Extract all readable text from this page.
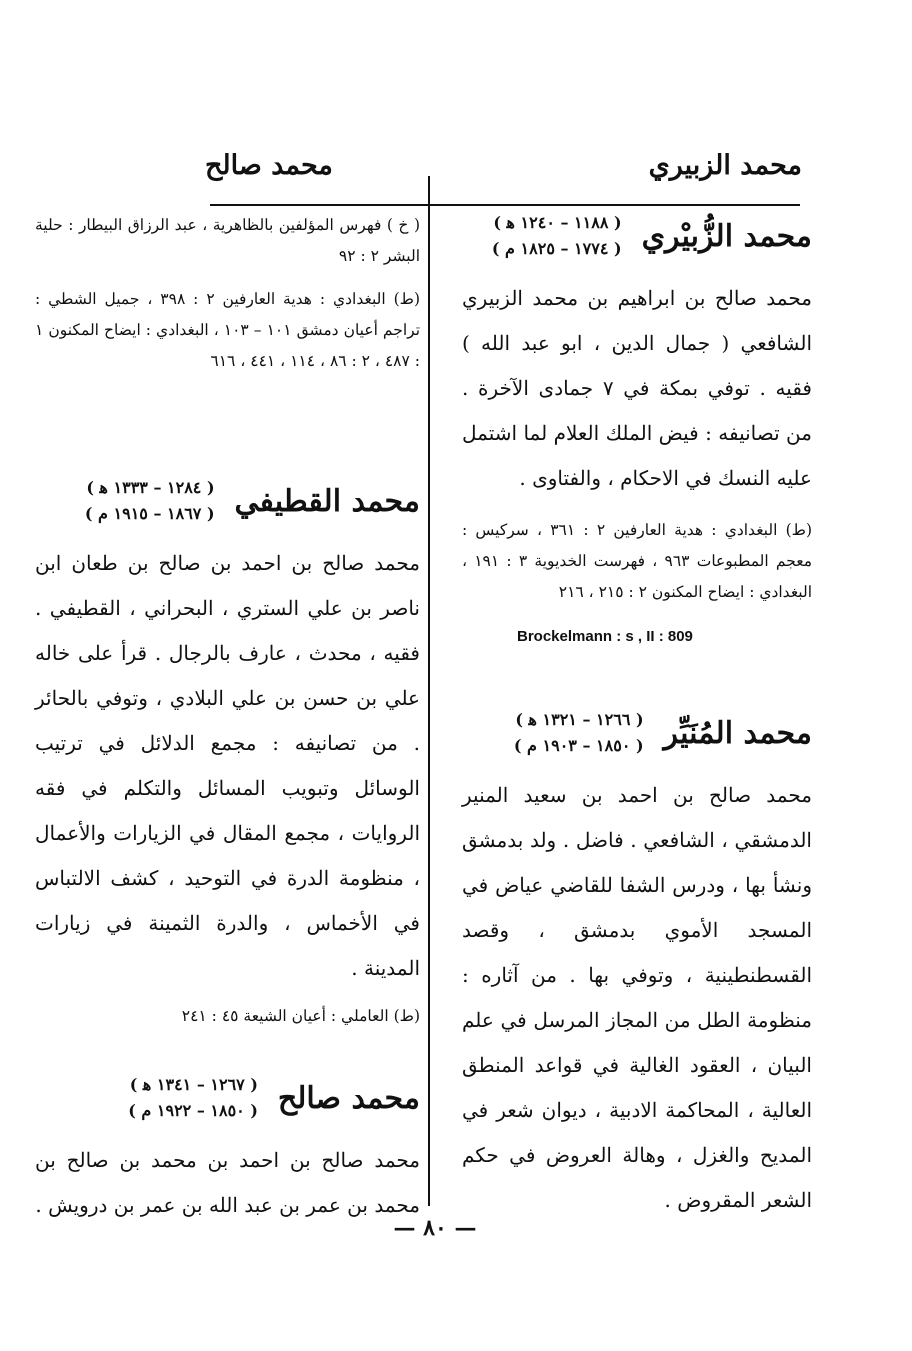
محمد الزبيري
محمد صالح
محمد الزُّبيْري
( ١١٨٨ – ١٢٤٠ ﻫ )
( ١٧٧٤ – ١٨٢٥ م )

محمد صالح بن ابراهيم بن محمد الزبيري الشافعي ( جمال الدين ، ابو عبد الله ) فقيه . توفي بمكة في ٧ جمادى الآخرة . من تصانيفه : فيض الملك العلام لما اشتمل عليه النسك في الاحكام ، والفتاوى .

(ط) البغدادي : هدية العارفين ٢ : ٣٦١ ، سركيس : معجم المطبوعات ٩٦٣ ، فهرست الخديوية ٣ : ١٩١ ، البغدادي : ايضاح المكنون ٢ : ٢١٥ ، ٢١٦

Brockelmann : s , II : 809

محمد المُنَيِّر
( ١٢٦٦ – ١٣٢١ ﻫ )
( ١٨٥٠ – ١٩٠٣ م )

محمد صالح بن احمد بن سعيد المنير الدمشقي ، الشافعي . فاضل . ولد بدمشق ونشأ بها ، ودرس الشفا للقاضي عياض في المسجد الأموي بدمشق ، وقصد القسطنطينية ، وتوفي بها . من آثاره : منظومة الطل من المجاز المرسل في علم البيان ، العقود الغالية في قواعد المنطق العالية ، المحاكمة الادبية ، ديوان شعر في المديح والغزل ، وهالة العروض في حكم الشعر المقروض .

( خ ) فهرس المؤلفين بالظاهرية ، عبد الرزاق البيطار : حلية البشر ٢ : ٩٢

(ط) البغدادي : هدية العارفين ٢ : ٣٩٨ ، جميل الشطي : تراجم أعيان دمشق ١٠١ – ١٠٣ ، البغدادي : ايضاح المكنون ١ : ٤٨٧ ، ٢ : ٨٦ ، ١١٤ ، ٤٤١ ، ٦١٦

محمد القطيفي
( ١٢٨٤ – ١٣٣٣ ﻫ )
( ١٨٦٧ – ١٩١٥ م )

محمد صالح بن احمد بن صالح بن طعان ابن ناصر بن علي الستري ، البحراني ، القطيفي . فقيه ، محدث ، عارف بالرجال . قرأ على خاله علي بن حسن بن علي البلادي ، وتوفي بالحائر . من تصانيفه : مجمع الدلائل في ترتيب الوسائل وتبويب المسائل والتكلم في فقه الروايات ، مجمع المقال في الزيارات والأعمال ، منظومة الدرة في التوحيد ، كشف الالتباس في الأخماس ، والدرة الثمينة في زيارات المدينة .

(ط) العاملي : أعيان الشيعة ٤٥ : ٢٤١

محمد صالح
( ١٢٦٧ – ١٣٤١ ﻫ )
( ١٨٥٠ – ١٩٢٢ م )

محمد صالح بن احمد بن محمد بن صالح بن محمد بن عمر بن عبد الله بن عمر بن درويش .

— ٨٠ —
